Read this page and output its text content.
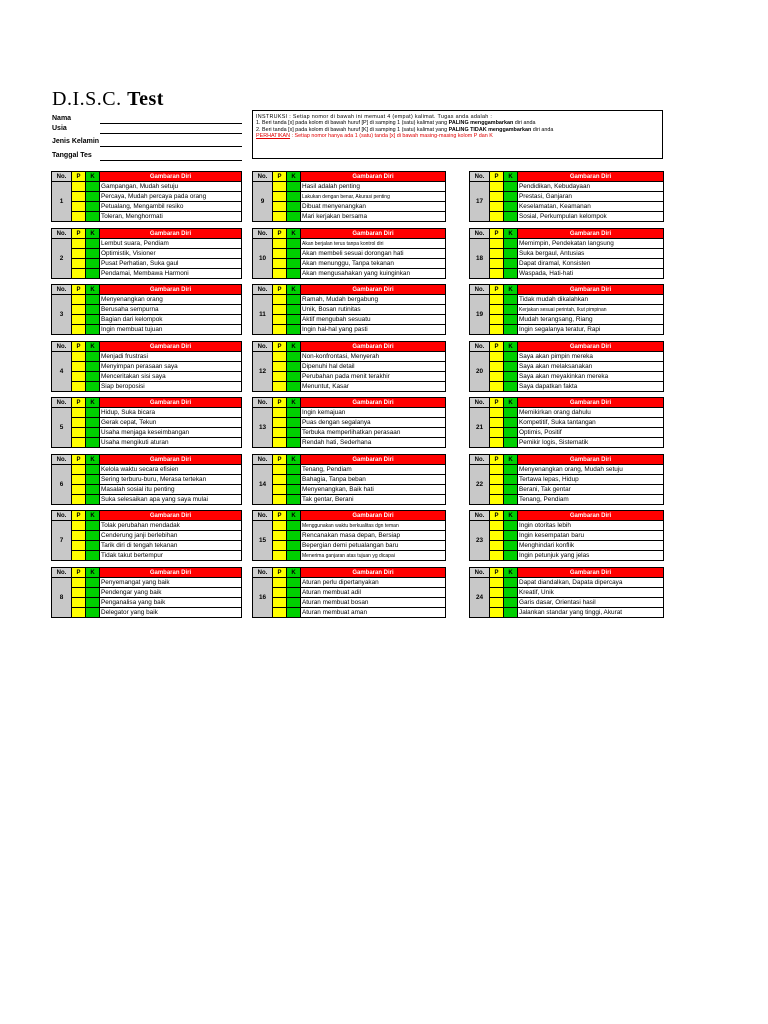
D.I.S.C. Test
Nama
Usia
Jenis Kelamin
Tanggal Tes
INSTRUKSI : Setiap nomor di bawah ini memuat 4 (empat) kalimat. Tugas anda adalah :
1. Beri tanda [x] pada kolom di bawah huruf [P] di samping 1 (satu) kalimat yang PALING menggambarkan diri anda
2. Beri tanda [x] pada kolom di bawah huruf [K] di samping 1 (satu) kalimat yang PALING TIDAK menggambarkan diri anda
PERHATIKAN : Setiap nomor hanya ada 1 (satu) tanda [x] di bawah masing-masing kolom P dan K
No.	P	K	Gambaran Diri
1			Gampangan, Mudah setuju
			Percaya, Mudah percaya pada orang
			Petualang, Mengambil resiko
			Toleran, Menghormati
No.	P	K	Gambaran Diri
2			Lembut suara, Pendiam
			Optimistik, Visioner
			Pusat Perhatian, Suka gaul
			Pendamai, Membawa Harmoni
No.	P	K	Gambaran Diri
3			Menyenangkan orang
			Berusaha sempurna
			Bagian dari kelompok
			Ingin membuat tujuan
No.	P	K	Gambaran Diri
4			Menjadi frustrasi
			Menyimpan perasaan saya
			Menceritakan sisi saya
			Siap beroposisi
No.	P	K	Gambaran Diri
5			Hidup, Suka bicara
			Gerak cepat, Tekun
			Usaha menjaga keseimbangan
			Usaha mengikuti aturan
No.	P	K	Gambaran Diri
6			Kelola waktu secara efisien
			Sering terburu-buru, Merasa tertekan
			Masalah sosial itu penting
			Suka selesaikan apa yang saya mulai
No.	P	K	Gambaran Diri
7			Tolak perubahan mendadak
			Cenderung janji berlebihan
			Tarik diri di tengah tekanan
			Tidak takut bertempur
No.	P	K	Gambaran Diri
8			Penyemangat yang baik
			Pendengar yang baik
			Penganalisa yang baik
			Delegator yang baik
No.	P	K	Gambaran Diri
9			Hasil adalah penting
			Lakukan dengan benar, Akurasi penting
			Dibuat menyenangkan
			Mari kerjakan bersama
No.	P	K	Gambaran Diri
10			Akan berjalan terus tanpa kontrol diri
			Akan membeli sesuai dorongan hati
			Akan menunggu, Tanpa tekanan
			Akan mengusahakan yang kuinginkan
No.	P	K	Gambaran Diri
11			Ramah, Mudah bergabung
			Unik, Bosan rutinitas
			Aktif mengubah sesuatu
			Ingin hal-hal yang pasti
No.	P	K	Gambaran Diri
12			Non-konfrontasi, Menyerah
			Dipenuhi hal detail
			Perubahan pada menit terakhir
			Menuntut, Kasar
No.	P	K	Gambaran Diri
13			Ingin kemajuan
			Puas dengan segalanya
			Terbuka memperlihatkan perasaan
			Rendah hati, Sederhana
No.	P	K	Gambaran Diri
14			Tenang, Pendiam
			Bahagia, Tanpa beban
			Menyenangkan, Baik hati
			Tak gentar, Berani
No.	P	K	Gambaran Diri
15			Menggunakan waktu berkualitas dgn teman
			Rencanakan masa depan, Bersiap
			Bepergian demi petualangan baru
			Menerima ganjaran atas tujuan yg dicapai
No.	P	K	Gambaran Diri
16			Aturan perlu dipertanyakan
			Aturan membuat adil
			Aturan membuat bosan
			Aturan membuat aman
No.	P	K	Gambaran Diri
17			Pendidikan, Kebudayaan
			Prestasi, Ganjaran
			Keselamatan, Keamanan
			Sosial, Perkumpulan kelompok
No.	P	K	Gambaran Diri
18			Memimpin, Pendekatan langsung
			Suka bergaul, Antusias
			Dapat diramal, Konsisten
			Waspada, Hati-hati
No.	P	K	Gambaran Diri
19			Tidak mudah dikalahkan
			Kerjakan sesuai perintah, Ikut pimpinan
			Mudah terangsang, Riang
			Ingin segalanya teratur, Rapi
No.	P	K	Gambaran Diri
20			Saya akan pimpin mereka
			Saya akan melaksanakan
			Saya akan meyakinkan mereka
			Saya dapatkan fakta
No.	P	K	Gambaran Diri
21			Memikirkan orang dahulu
			Kompetitif, Suka tantangan
			Optimis, Positif
			Pemikir logis, Sistematik
No.	P	K	Gambaran Diri
22			Menyenangkan orang, Mudah setuju
			Tertawa lepas, Hidup
			Berani, Tak gentar
			Tenang, Pendiam
No.	P	K	Gambaran Diri
23			Ingin otoritas lebih
			Ingin kesempatan baru
			Menghindari konflik
			Ingin petunjuk yang jelas
No.	P	K	Gambaran Diri
24			Dapat diandalkan, Dapata dipercaya
			Kreatif, Unik
			Garis dasar, Orientasi hasil
			Jalankan standar yang tinggi, Akurat
